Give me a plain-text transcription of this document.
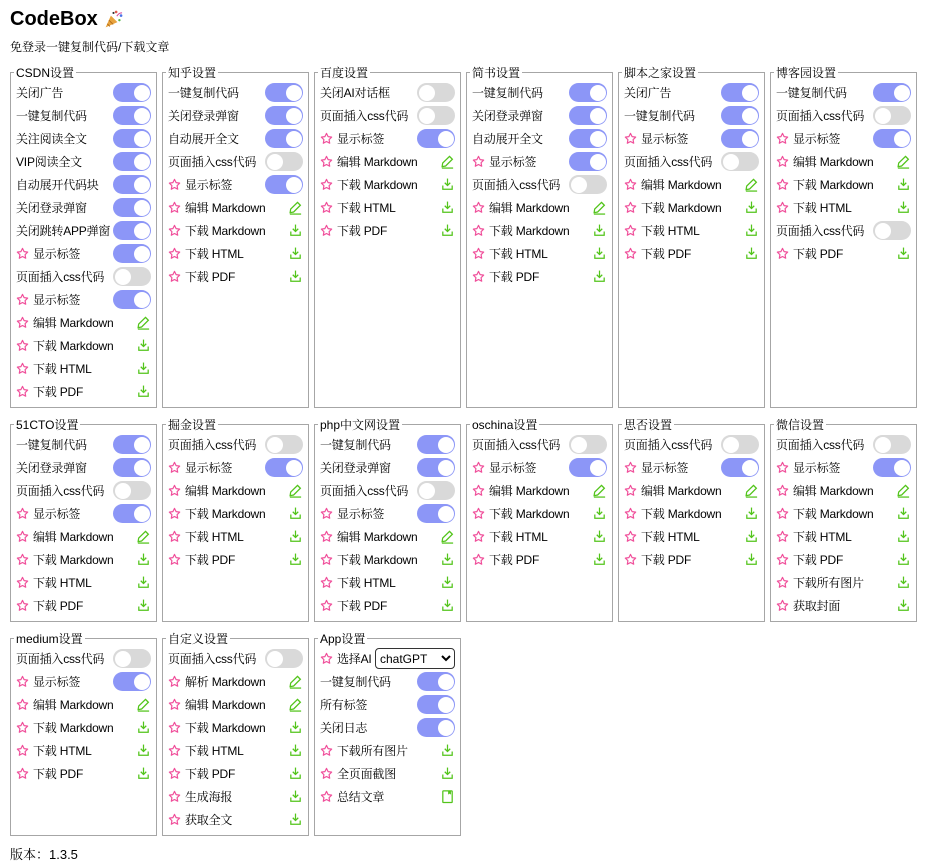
CodeBox
免登录一键复制代码/下载文章
CSDN设置
关闭广告
一键复制代码
关注阅读全文
VIP阅读全文
自动展开代码块
关闭登录弹窗
关闭跳转APP弹窗
显示标签
页面插入css代码
显示标签
编辑 Markdown
下载 Markdown
下载 HTML
下载 PDF
知乎设置
一键复制代码
关闭登录弹窗
自动展开全文
页面插入css代码
显示标签
编辑 Markdown
下载 Markdown
下载 HTML
下载 PDF
百度设置
关闭AI对话框
页面插入css代码
显示标签
编辑 Markdown
下载 Markdown
下载 HTML
下载 PDF
简书设置
一键复制代码
关闭登录弹窗
自动展开全文
显示标签
页面插入css代码
编辑 Markdown
下载 Markdown
下载 HTML
下载 PDF
脚本之家设置
关闭广告
一键复制代码
显示标签
页面插入css代码
编辑 Markdown
下载 Markdown
下载 HTML
下载 PDF
博客园设置
一键复制代码
页面插入css代码
显示标签
编辑 Markdown
下载 Markdown
下载 HTML
页面插入css代码
下载 PDF
51CTO设置
一键复制代码
关闭登录弹窗
页面插入css代码
显示标签
编辑 Markdown
下载 Markdown
下载 HTML
下载 PDF
掘金设置
页面插入css代码
显示标签
编辑 Markdown
下载 Markdown
下载 HTML
下载 PDF
php中文网设置
一键复制代码
关闭登录弹窗
页面插入css代码
显示标签
编辑 Markdown
下载 Markdown
下载 HTML
下载 PDF
oschina设置
页面插入css代码
显示标签
编辑 Markdown
下载 Markdown
下载 HTML
下载 PDF
思否设置
页面插入css代码
显示标签
编辑 Markdown
下载 Markdown
下载 HTML
下载 PDF
微信设置
页面插入css代码
显示标签
编辑 Markdown
下载 Markdown
下载 HTML
下载 PDF
下载所有图片
获取封面
medium设置
页面插入css代码
显示标签
编辑 Markdown
下载 Markdown
下载 HTML
下载 PDF
自定义设置
页面插入css代码
解析 Markdown
编辑 Markdown
下载 Markdown
下载 HTML
下载 PDF
生成海报
获取全文
App设置
选择AI
chatGPT
一键复制代码
所有标签
关闭日志
下载所有图片
全页面截图
总结文章
版本：1.3.5
